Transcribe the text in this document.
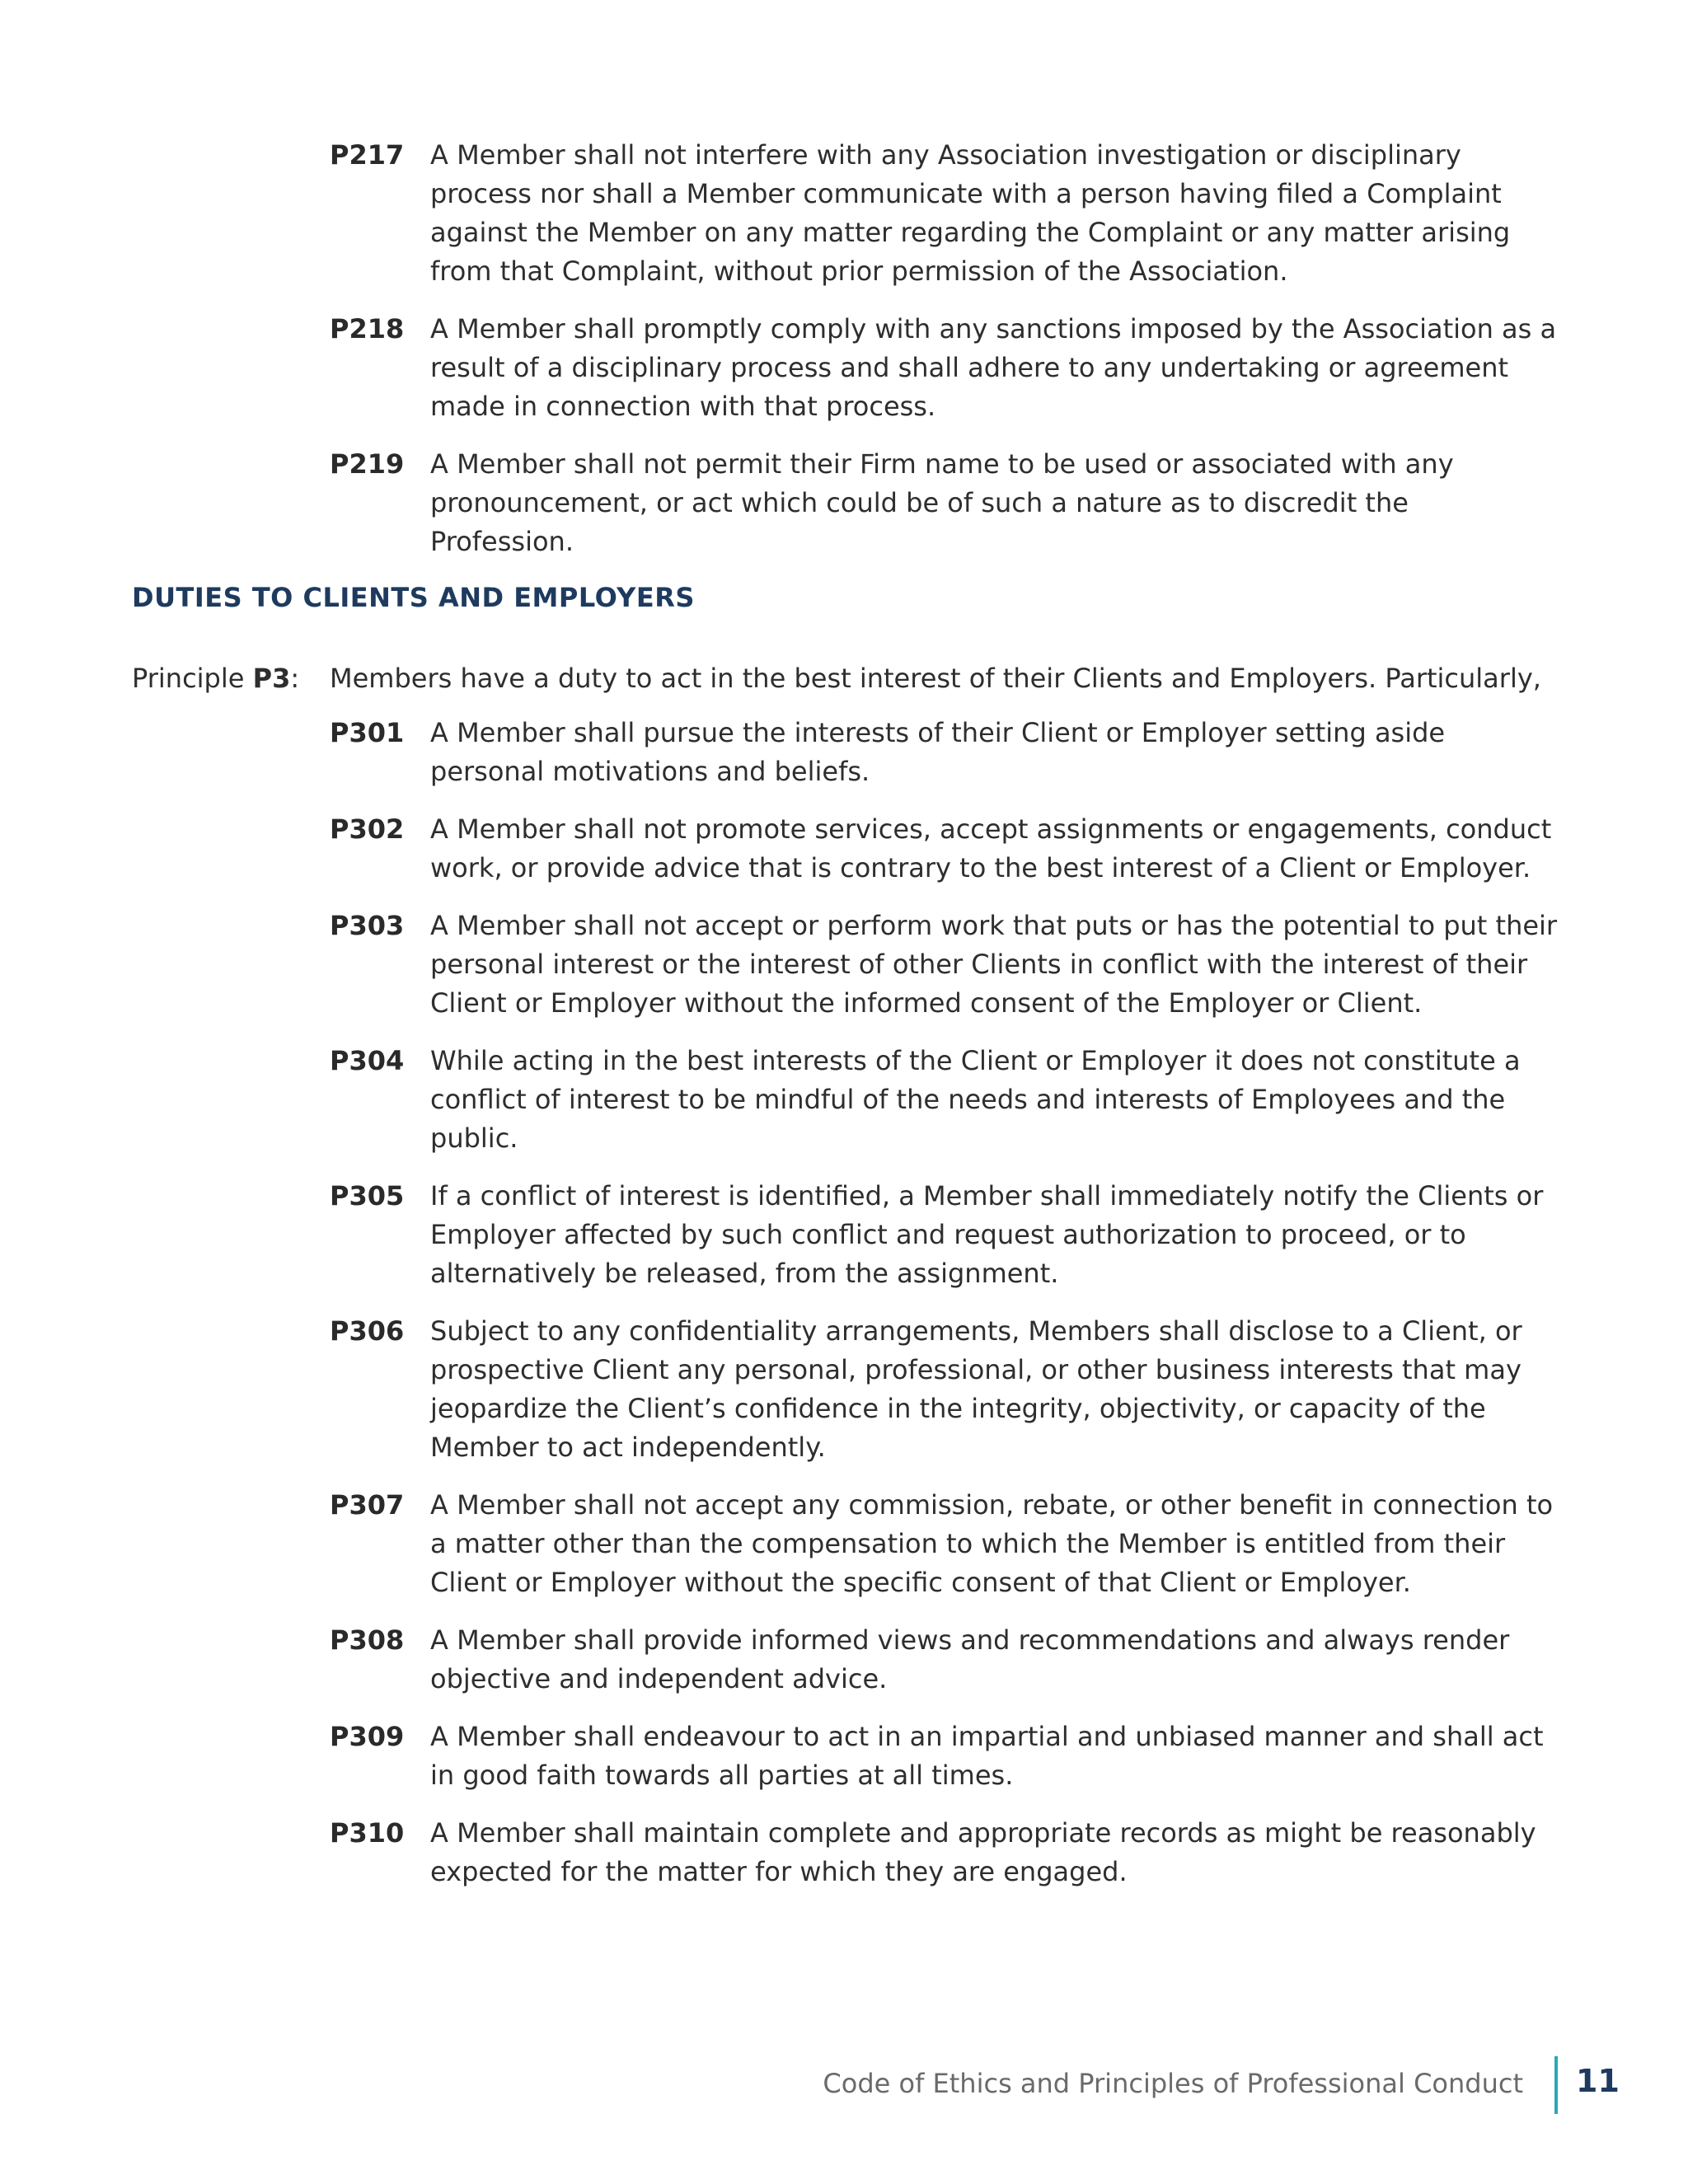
P217 A Member shall not interfere with any Association investigation or disciplinary process nor shall a Member communicate with a person having filed a Complaint against the Member on any matter regarding the Complaint or any matter arising from that Complaint, without prior permission of the Association.
P218 A Member shall promptly comply with any sanctions imposed by the Association as a result of a disciplinary process and shall adhere to any undertaking or agreement made in connection with that process.
P219 A Member shall not permit their Firm name to be used or associated with any pronouncement, or act which could be of such a nature as to discredit the Profession.
DUTIES TO CLIENTS AND EMPLOYERS
Principle P3:	Members have a duty to act in the best interest of their Clients and Employers. Particularly,
P301 A Member shall pursue the interests of their Client or Employer setting aside personal motivations and beliefs.
P302 A Member shall not promote services, accept assignments or engagements, conduct work, or provide advice that is contrary to the best interest of a Client or Employer.
P303 A Member shall not accept or perform work that puts or has the potential to put their personal interest or the interest of other Clients in conflict with the interest of their Client or Employer without the informed consent of the Employer or Client.
P304 While acting in the best interests of the Client or Employer it does not constitute a conflict of interest to be mindful of the needs and interests of Employees and the public.
P305 If a conflict of interest is identified, a Member shall immediately notify the Clients or Employer affected by such conflict and request authorization to proceed, or to alternatively be released, from the assignment.
P306 Subject to any confidentiality arrangements, Members shall disclose to a Client, or prospective Client any personal, professional, or other business interests that may jeopardize the Client’s confidence in the integrity, objectivity, or capacity of the Member to act independently.
P307 A Member shall not accept any commission, rebate, or other benefit in connection to a matter other than the compensation to which the Member is entitled from their Client or Employer without the specific consent of that Client or Employer.
P308 A Member shall provide informed views and recommendations and always render objective and independent advice.
P309 A Member shall endeavour to act in an impartial and unbiased manner and shall act in good faith towards all parties at all times.
P310 A Member shall maintain complete and appropriate records as might be reasonably expected for the matter for which they are engaged.
Code of Ethics and Principles of Professional Conduct 11
